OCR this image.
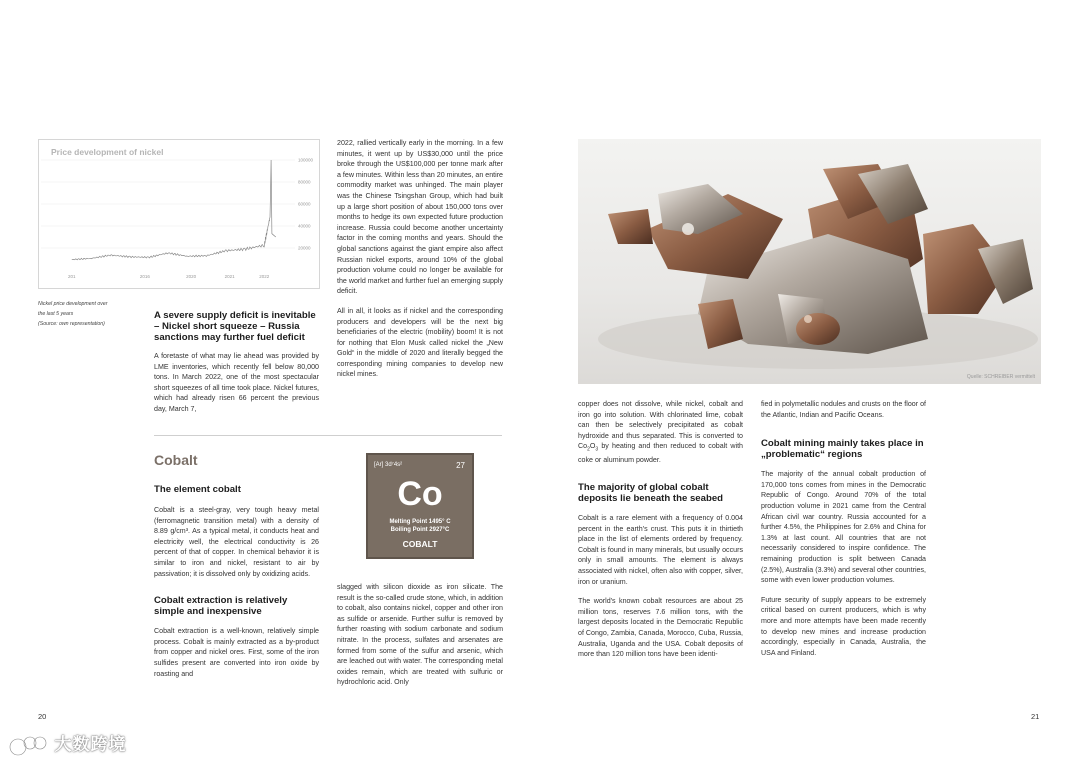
Price development of nickel
100000
80000
60000
40000
20000
201	2016	2020	2021	2022
Nickel price development over
the last 5 years
(Source: own representation)
A severe supply deficit is inevitable – Nickel short squeeze – Russia sanctions may further fuel deficit
A foretaste of what may lie ahead was provided by LME inventories, which recently fell below 80,000 tons. In March 2022, one of the most spectacular short squeezes of all time took place. Nickel futures, which had already risen 66 percent the previous day, March 7,

2022, rallied vertically early in the morning. In a few minutes, it went up by US$30,000 until the price broke through the US$100,000 per tonne mark after a few minutes. Within less than 20 minutes, an entire commodity market was unhinged. The main player was the Chinese Tsingshan Group, which had built up a large short position of about 150,000 tons over months to hedge its own expected future production increase. Russia could become another uncertainty factor in the coming months and years. Should the global sanctions against the giant empire also affect Russian nickel exports, around 10% of the global production volume could no longer be available for the world market and further fuel an emerging supply deficit.

All in all, it looks as if nickel and the corresponding producers and developers will be the next big beneficiaries of the electric (mobility) boom! It is not for nothing that Elon Musk called nickel the „New Gold“ in the middle of 2020 and literally begged the corresponding mining companies to develop new nickel mines.

Cobalt
The element cobalt
Cobalt is a steel-gray, very tough heavy metal (ferromagnetic transition metal) with a density of 8.89 g/cm³. As a typical metal, it conducts heat and electricity well, the electrical conductivity is 26 percent of that of copper. In chemical behavior it is similar to iron and nickel, resistant to air by passivation; it is dissolved only by oxidizing acids.
Cobalt extraction is relatively simple and inexpensive
Cobalt extraction is a well-known, relatively simple process. Cobalt is mainly extracted as a by-product from copper and nickel ores. First, some of the iron sulfides present are converted into iron oxide by roasting and
[Ar] 3d⁷4s²	27
Co
Melting Point 1495° C
Boiling Point 2927°C
COBALT
slagged with silicon dioxide as iron silicate. The result is the so-called crude stone, which, in addition to cobalt, also contains nickel, copper and other iron as sulfide or arsenide. Further sulfur is removed by further roasting with sodium carbonate and sodium nitrate. In the process, sulfates and arsenates are formed from some of the sulfur and arsenic, which are leached out with water. The corresponding metal oxides remain, which are treated with sulfuric or hydrochloric acid. Only
20
大数跨境
Quelle: SCHREIBER vermittelt
copper does not dissolve, while nickel, cobalt and iron go into solution. With chlorinated lime, cobalt can then be selectively precipitated as cobalt hydroxide and thus separated. This is converted to $Co_2O_3$ by heating and then reduced to cobalt with coke or aluminum powder.
The majority of global cobalt deposits lie beneath the seabed

Cobalt is a rare element with a frequency of 0.004 percent in the earth's crust. This puts it in thirtieth place in the list of elements ordered by frequency. Cobalt is found in many minerals, but usually occurs only in small amounts. The element is always associated with nickel, often also with copper, silver, iron or uranium.

The world's known cobalt resources are about 25 million tons, reserves 7.6 million tons, with the largest deposits located in the Democratic Republic of Congo, Zambia, Canada, Morocco, Cuba, Russia, Australia, Uganda and the USA. Cobalt deposits of more than 120 million tons have been identi-

fied in polymetallic nodules and crusts on the floor of the Atlantic, Indian and Pacific Oceans.
Cobalt mining mainly takes place in „problematic“ regions

The majority of the annual cobalt production of 170,000 tons comes from mines in the Democratic Republic of Congo. Around 70% of the total production volume in 2021 came from the Central African civil war country. Russia accounted for a further 4.5%, the Philippines for 2.6% and China for 1.3% at last count. All countries that are not necessarily considered to inspire confidence. The remaining production is split between Canada (2.5%), Australia (3.3%) and several other countries, some with even lower production volumes.

Future security of supply appears to be extremely critical based on current producers, which is why more and more attempts have been made recently to develop new mines and increase production accordingly, especially in Canada, Australia, the USA and Finland.

21
